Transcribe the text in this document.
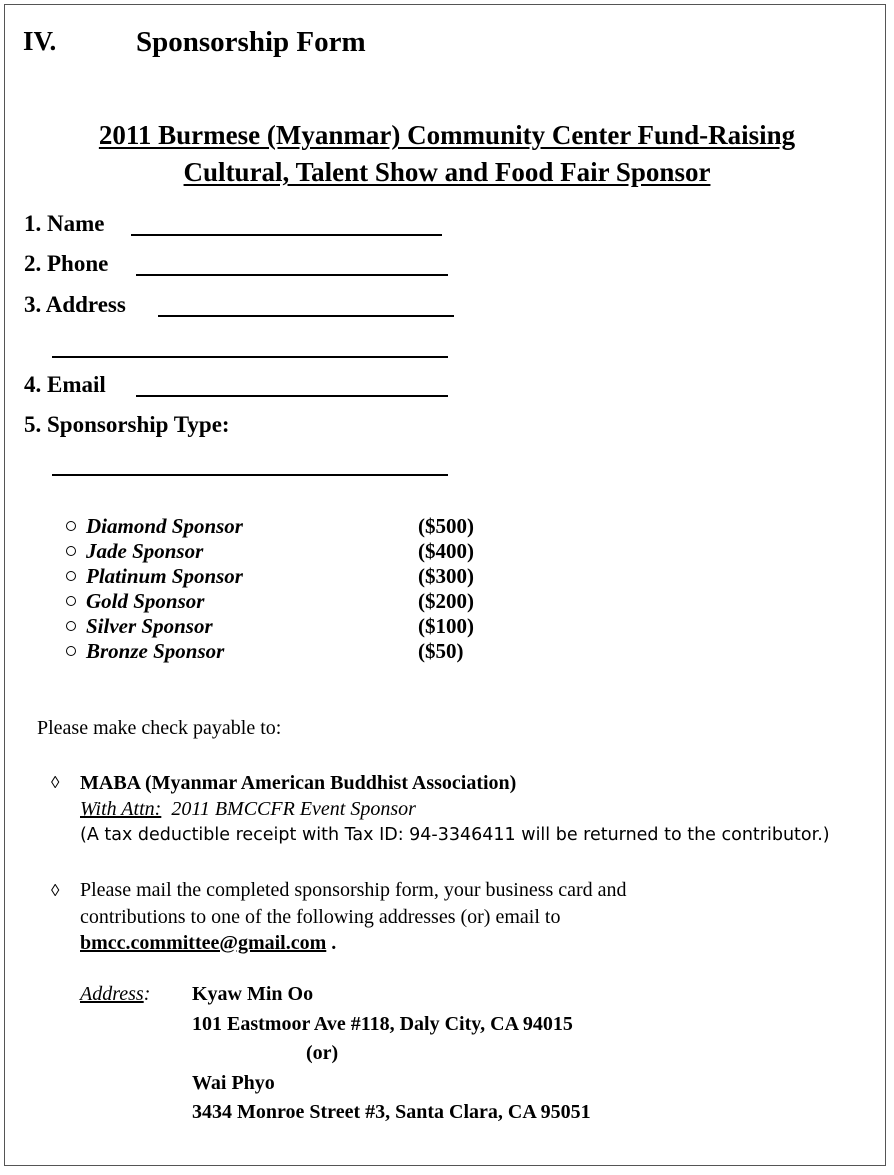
IV.	Sponsorship Form
2011 Burmese (Myanmar) Community Center Fund-Raising
Cultural, Talent Show and Food Fair Sponsor
1. Name
2. Phone
3. Address
4. Email
5. Sponsorship Type:
Diamond Sponsor	($500)
Jade Sponsor	($400)
Platinum Sponsor	($300)
Gold Sponsor	($200)
Silver Sponsor	($100)
Bronze Sponsor	($50)
Please make check payable to:
◊ MABA (Myanmar American Buddhist Association)
With Attn: 2011 BMCCFR Event Sponsor
(A tax deductible receipt with Tax ID: 94-3346411 will be returned to the contributor.)
◊ Please mail the completed sponsorship form, your business card and
contributions to one of the following addresses (or) email to
bmcc.committee@gmail.com .
Address: Kyaw Min Oo
101 Eastmoor Ave #118, Daly City, CA 94015
(or)
Wai Phyo
3434 Monroe Street #3, Santa Clara, CA 95051
